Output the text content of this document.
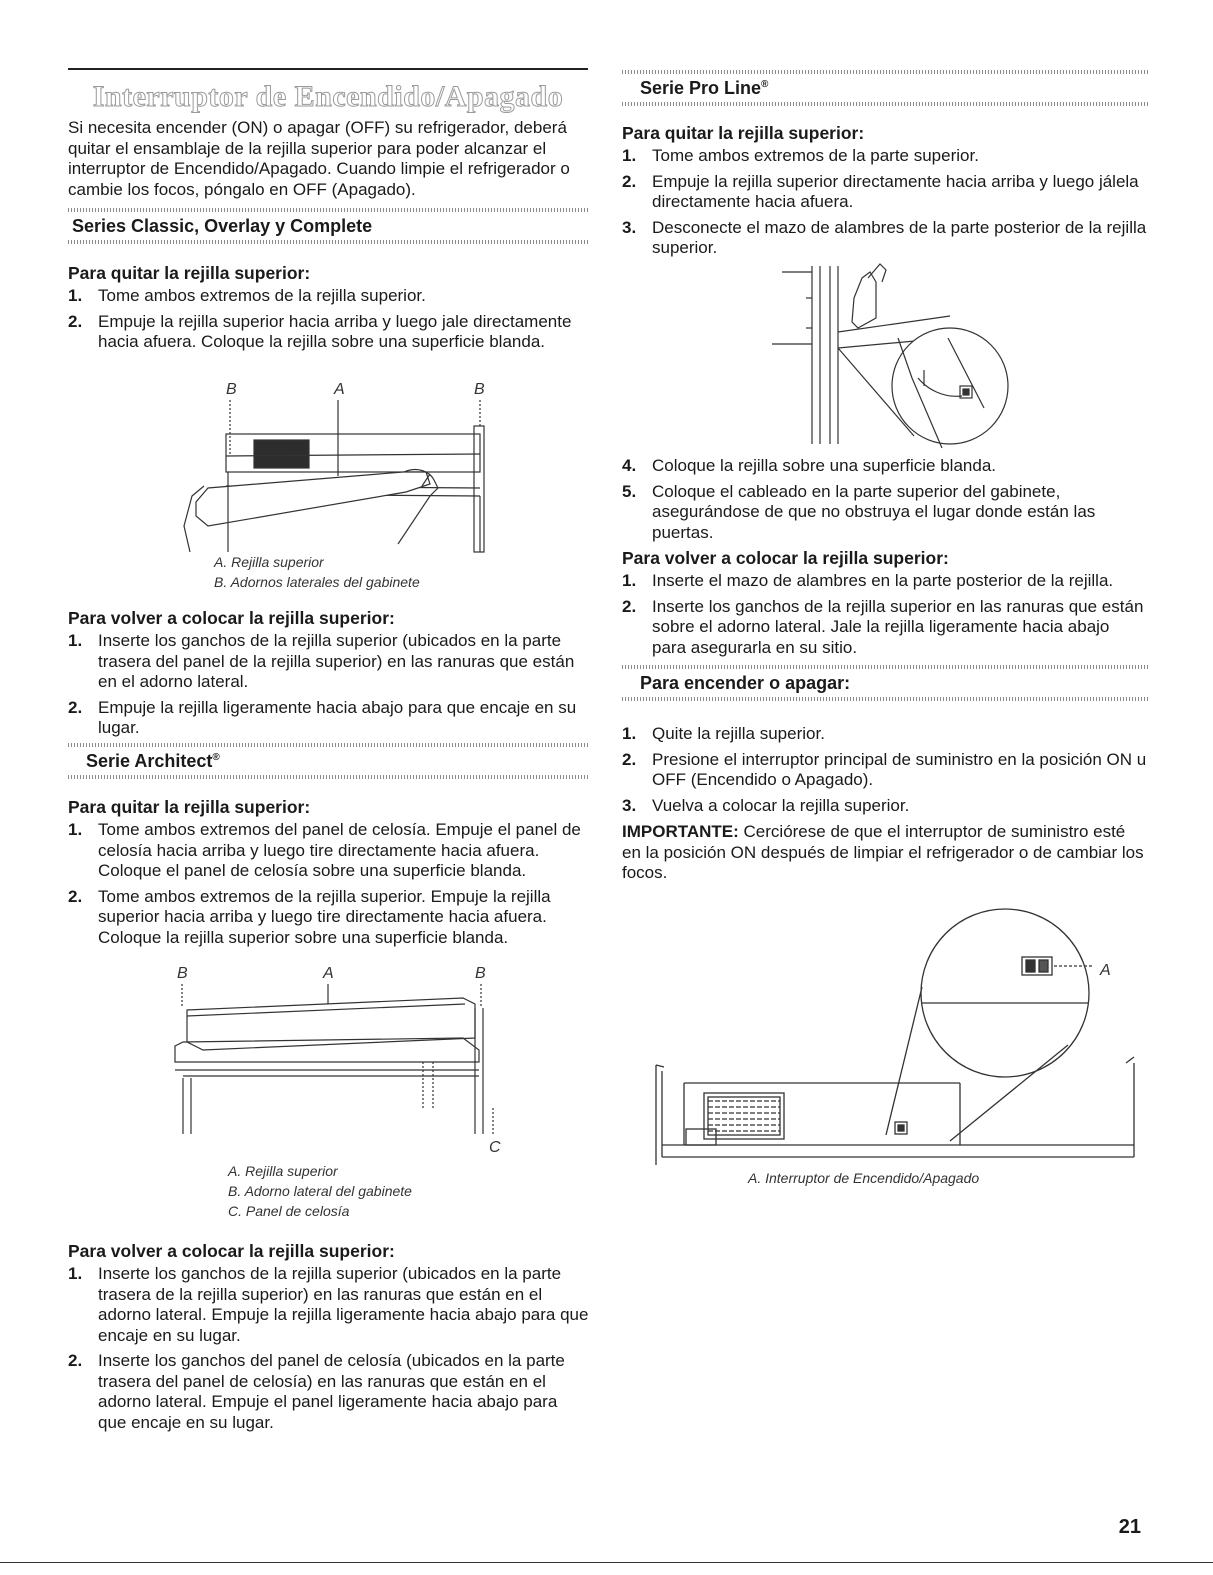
Interruptor de Encendido/Apagado

Si necesita encender (ON) o apagar (OFF) su refrigerador, deberá quitar el ensamblaje de la rejilla superior para poder alcanzar el interruptor de Encendido/Apagado. Cuando limpie el refrigerador o cambie los focos, póngalo en OFF (Apagado).

Series Classic, Overlay y Complete
Para quitar la rejilla superior:
1. Tome ambos extremos de la rejilla superior.
2. Empuje la rejilla superior hacia arriba y luego jale directamente hacia afuera. Coloque la rejilla sobre una superficie blanda.
B	A	B
A. Rejilla superior
B. Adornos laterales del gabinete
Para volver a colocar la rejilla superior:
1. Inserte los ganchos de la rejilla superior (ubicados en la parte trasera del panel de la rejilla superior) en las ranuras que están en el adorno lateral.
2. Empuje la rejilla ligeramente hacia abajo para que encaje en su lugar.
Serie Architect®
Para quitar la rejilla superior:
1. Tome ambos extremos del panel de celosía. Empuje el panel de celosía hacia arriba y luego tire directamente hacia afuera. Coloque el panel de celosía sobre una superficie blanda.
2. Tome ambos extremos de la rejilla superior. Empuje la rejilla superior hacia arriba y luego tire directamente hacia afuera. Coloque la rejilla superior sobre una superficie blanda.
B	A	B
C
A. Rejilla superior
B. Adorno lateral del gabinete
C. Panel de celosía
Para volver a colocar la rejilla superior:
1. Inserte los ganchos de la rejilla superior (ubicados en la parte trasera de la rejilla superior) en las ranuras que están en el adorno lateral. Empuje la rejilla ligeramente hacia abajo para que encaje en su lugar.
2. Inserte los ganchos del panel de celosía (ubicados en la parte trasera del panel de celosía) en las ranuras que están en el adorno lateral. Empuje el panel ligeramente hacia abajo para que encaje en su lugar.
Serie Pro Line®
Para quitar la rejilla superior:
1. Tome ambos extremos de la parte superior.
2. Empuje la rejilla superior directamente hacia arriba y luego jálela directamente hacia afuera.
3. Desconecte el mazo de alambres de la parte posterior de la rejilla superior.
4. Coloque la rejilla sobre una superficie blanda.
5. Coloque el cableado en la parte superior del gabinete, asegurándose de que no obstruya el lugar donde están las puertas.
Para volver a colocar la rejilla superior:
1. Inserte el mazo de alambres en la parte posterior de la rejilla.
2. Inserte los ganchos de la rejilla superior en las ranuras que están sobre el adorno lateral. Jale la rejilla ligeramente hacia abajo para asegurarla en su sitio.
Para encender o apagar:
1. Quite la rejilla superior.
2. Presione el interruptor principal de suministro en la posición ON u OFF (Encendido o Apagado).
3. Vuelva a colocar la rejilla superior.

IMPORTANTE: Cerciórese de que el interruptor de suministro esté en la posición ON después de limpiar el refrigerador o de cambiar los focos.

A
A. Interruptor de Encendido/Apagado
21
